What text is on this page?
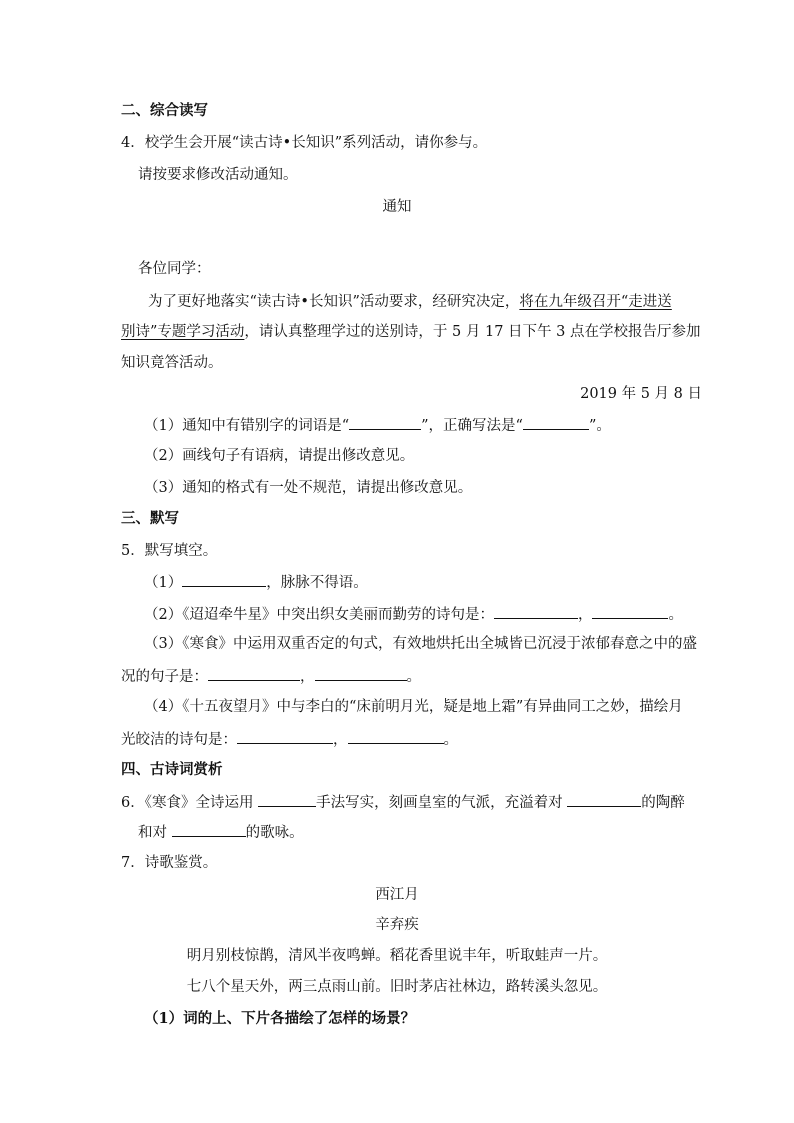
二、综合读写
4．校学生会开展“读古诗•长知识”系列活动，请你参与。
请按要求修改活动通知。
通知
各位同学：
为了更好地落实“读古诗•长知识”活动要求，经研究决定，将在九年级召开“走进送
别诗”专题学习活动，请认真整理学过的送别诗，于 5 月 17 日下午 3 点在学校报告厅参加
知识竟答活动。
2019 年 5 月 8 日
（1）通知中有错别字的词语是“	”，正确写法是“	”。
（2）画线句子有语病，请提出修改意见。
（3）通知的格式有一处不规范，请提出修改意见。
三、默写
5．默写填空。
（1）	，脉脉不得语。
（2）《迢迢牵牛星》中突出织女美丽而勤劳的诗句是：	，	。
（3）《寒食》中运用双重否定的句式，有效地烘托出全城皆已沉浸于浓郁春意之中的盛
况的句子是：	，	。
（4）《十五夜望月》中与李白的“床前明月光，疑是地上霜”有异曲同工之妙，描绘月
光皎洁的诗句是：	，	。
四、古诗词赏析
6．《寒食》全诗运用	手法写实，刻画皇室的气派，充溢着对	的陶醉
和对	的歌咏。
7．诗歌鉴赏。
西江月
辛弃疾
明月别枝惊鹊，清风半夜鸣蝉。稻花香里说丰年，听取蛙声一片。
七八个星天外，两三点雨山前。旧时茅店社林边，路转溪头忽见。
（1）词的上、下片各描绘了怎样的场景？
